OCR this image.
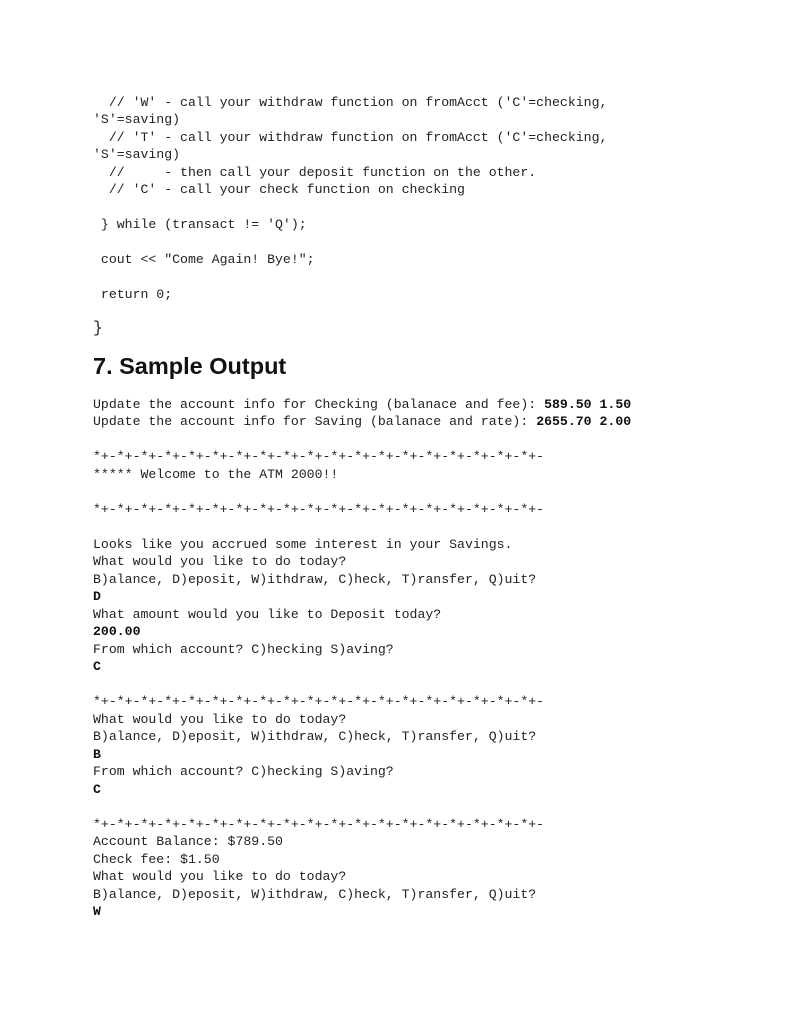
// 'W' - call your withdraw function on fromAcct ('C'=checking,
'S'=saving)
// 'T' - call your withdraw function on fromAcct ('C'=checking,
'S'=saving)
//     - then call your deposit function on the other.
// 'C' - call your check function on checking
} while (transact != 'Q');
cout << "Come Again! Bye!";
return 0;
}
7. Sample Output
Update the account info for Checking (balanace and fee): 589.50 1.50
Update the account info for Saving (balanace and rate): 2655.70 2.00
*+-*+-*+-*+-*+-*+-*+-*+-*+-*+-*+-*+-*+-*+-*+-*+-*+-*+-*+-
***** Welcome to the ATM 2000!!
*+-*+-*+-*+-*+-*+-*+-*+-*+-*+-*+-*+-*+-*+-*+-*+-*+-*+-*+-
Looks like you accrued some interest in your Savings.
What would you like to do today?
B)alance, D)eposit, W)ithdraw, C)heck, T)ransfer, Q)uit?
D
What amount would you like to Deposit today?
200.00
From which account? C)hecking S)aving?
C
*+-*+-*+-*+-*+-*+-*+-*+-*+-*+-*+-*+-*+-*+-*+-*+-*+-*+-*+-
What would you like to do today?
B)alance, D)eposit, W)ithdraw, C)heck, T)ransfer, Q)uit?
B
From which account? C)hecking S)aving?
C
*+-*+-*+-*+-*+-*+-*+-*+-*+-*+-*+-*+-*+-*+-*+-*+-*+-*+-*+-
Account Balance: $789.50
Check fee: $1.50
What would you like to do today?
B)alance, D)eposit, W)ithdraw, C)heck, T)ransfer, Q)uit?
W
